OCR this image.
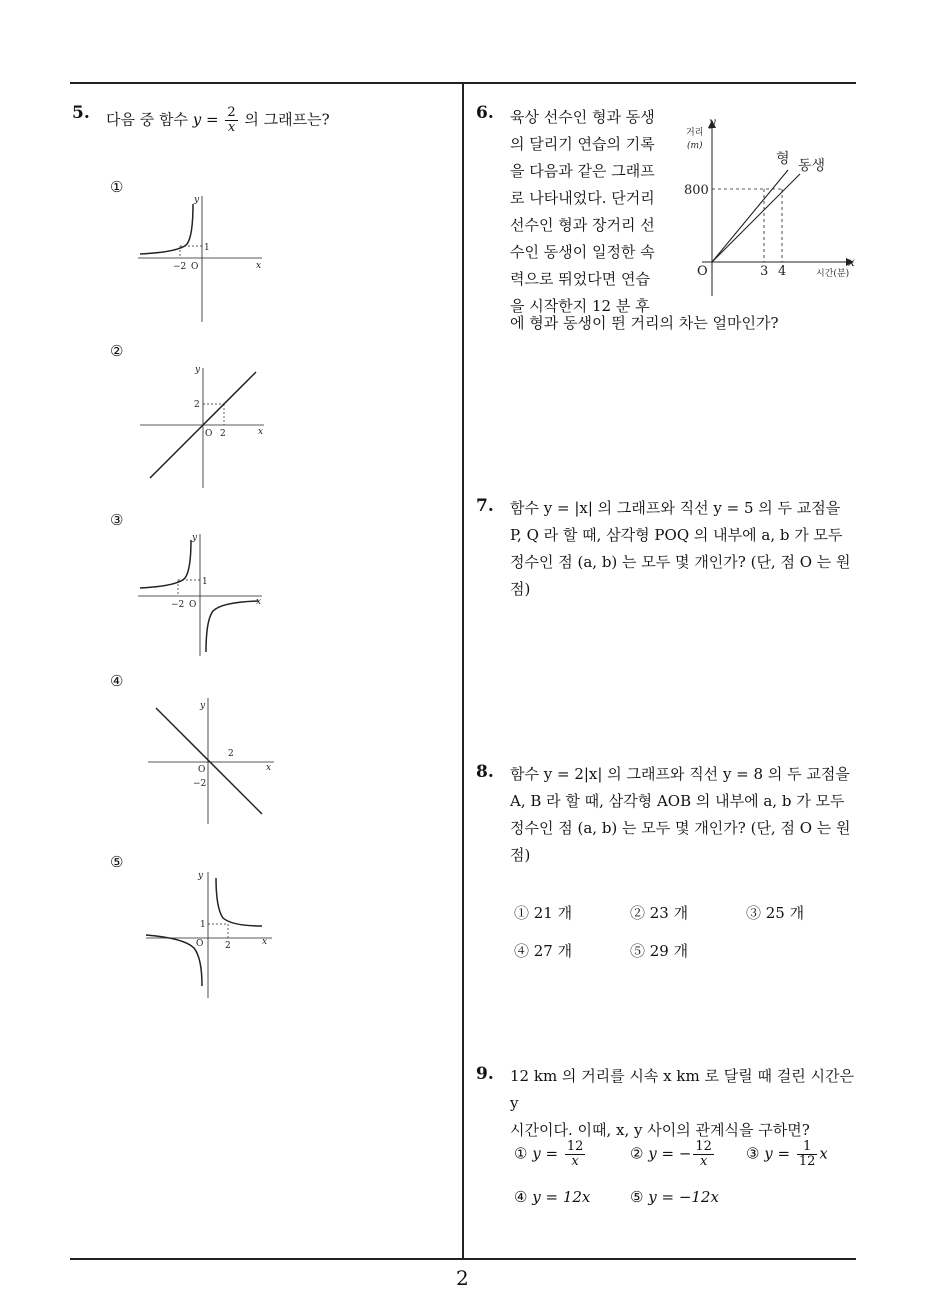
2
5. 다음 중 함수 $y = \frac{2}{x}$ 의 그래프는?
①
②
③
④
⑤
y
x
O
1
−2
y
x
O
2
2
y
x
O
1
−2
y
x
O
2
−2
y
x
O
1
2
6. 육상 선수인 형과 동생
의 달리기 연습의 기록
을 다음과 같은 그래프
로 나타내었다. 단거리
선수인 형과 장거리 선
수인 동생이 일정한 속
력으로 뛰었다면 연습
을 시작한지 12 분 후
에 형과 동생이 뛴 거리의 차는 얼마인가?
y
x
거리
(m)
O
800
3 4	시간(분)
형 동생
7. 함수 y = |x| 의 그래프와 직선 y = 5 의 두 교점을
P, Q 라 할 때, 삼각형 POQ 의 내부에 a, b 가 모두
정수인 점 (a, b) 는 모두 몇 개인가? (단, 점 O 는 원
점)
8. 함수 y = 2|x| 의 그래프와 직선 y = 8 의 두 교점을
A, B 라 할 때, 삼각형 AOB 의 내부에 a, b 가 모두
정수인 점 (a, b) 는 모두 몇 개인가? (단, 점 O 는 원
점)
① 21 개	② 23 개	③ 25 개
④ 27 개	⑤ 29 개
9. 12 km 의 거리를 시속 x km 로 달릴 때 걸린 시간은 y
시간이다. 이때, x, y 사이의 관계식을 구하면?
① $y = \frac{12}{x}$	② y = − $\frac{12}{x}$ ③ $y = \frac{1}{12}$ x
④ y = 12x	⑤ y = −12x
